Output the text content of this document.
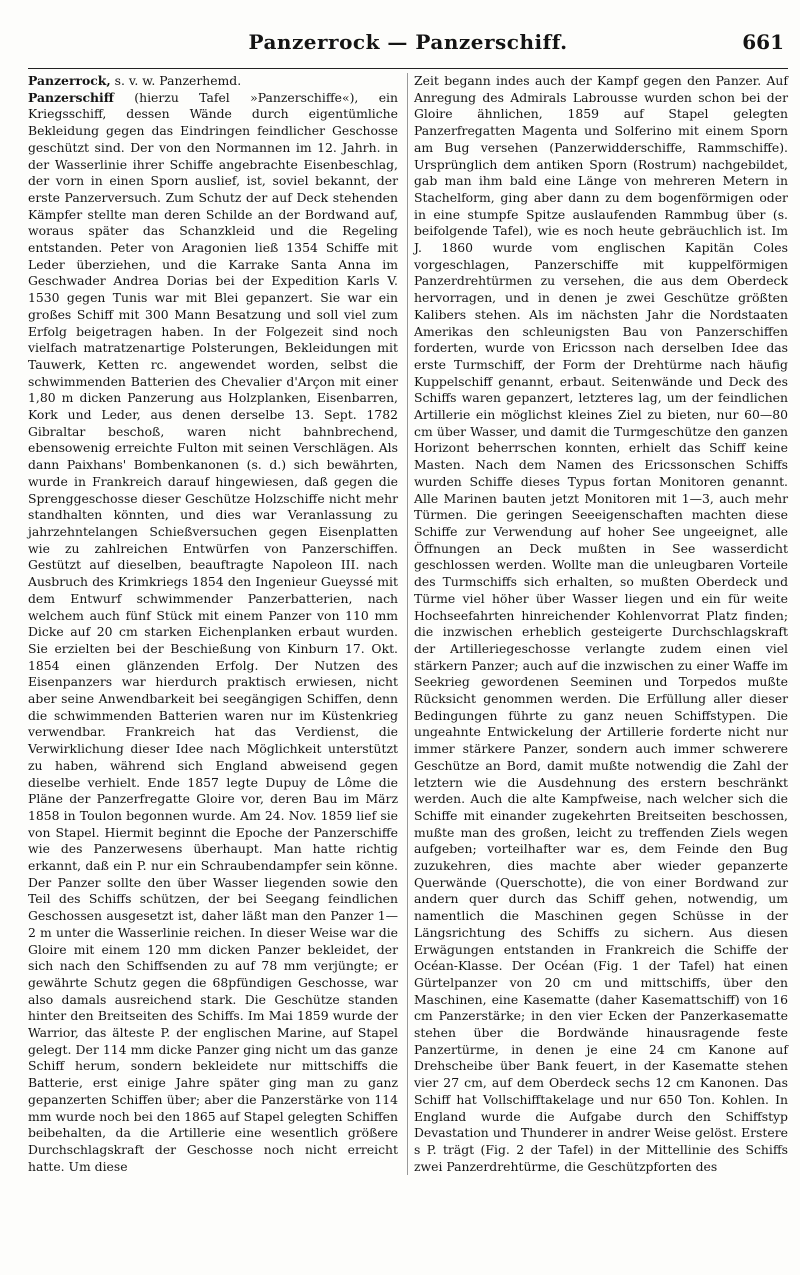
Panzerrock — Panzerschiff.	661

Panzerrock, s. v. w. Panzerhemd.

Panzerschiff (hierzu Tafel »Panzerschiffe«), ein Kriegsschiff, dessen Wände durch eigentümliche Bekleidung gegen das Eindringen feindlicher Geschosse geschützt sind. Der von den Normannen im 12. Jahrh. in der Wasserlinie ihrer Schiffe angebrachte Eisenbeschlag, der vorn in einen Sporn auslief, ist, soviel bekannt, der erste Panzerversuch. Zum Schutz der auf Deck stehenden Kämpfer stellte man deren Schilde an der Bordwand auf, woraus später das Schanzkleid und die Regeling entstanden. Peter von Aragonien ließ 1354 Schiffe mit Leder überziehen, und die Karrake Santa Anna im Geschwader Andrea Dorias bei der Expedition Karls V. 1530 gegen Tunis war mit Blei gepanzert. Sie war ein großes Schiff mit 300 Mann Besatzung und soll viel zum Erfolg beigetragen haben. In der Folgezeit sind noch vielfach matratzenartige Polsterungen, Bekleidungen mit Tauwerk, Ketten rc. angewendet worden, selbst die schwimmenden Batterien des Chevalier d'Arçon mit einer 1,80 m dicken Panzerung aus Holzplanken, Eisenbarren, Kork und Leder, aus denen derselbe 13. Sept. 1782 Gibraltar beschoß, waren nicht bahnbrechend, ebensowenig erreichte Fulton mit seinen Verschlägen. Als dann Paixhans' Bombenkanonen (s. d.) sich bewährten, wurde in Frankreich darauf hingewiesen, daß gegen die Sprenggeschosse dieser Geschütze Holzschiffe nicht mehr standhalten könnten, und dies war Veranlassung zu jahrzehntelangen Schießversuchen gegen Eisenplatten wie zu zahlreichen Entwürfen von Panzerschiffen. Gestützt auf dieselben, beauftragte Napoleon III. nach Ausbruch des Krimkriegs 1854 den Ingenieur Gueyssé mit dem Entwurf schwimmender Panzerbatterien, nach welchem auch fünf Stück mit einem Panzer von 110 mm Dicke auf 20 cm starken Eichenplanken erbaut wurden. Sie erzielten bei der Beschießung von Kinburn 17. Okt. 1854 einen glänzenden Erfolg. Der Nutzen des Eisenpanzers war hierdurch praktisch erwiesen, nicht aber seine Anwendbarkeit bei seegängigen Schiffen, denn die schwimmenden Batterien waren nur im Küstenkrieg verwendbar. Frankreich hat das Verdienst, die Verwirklichung dieser Idee nach Möglichkeit unterstützt zu haben, während sich England abweisend gegen dieselbe verhielt. Ende 1857 legte Dupuy de Lôme die Pläne der Panzerfregatte Gloire vor, deren Bau im März 1858 in Toulon begonnen wurde. Am 24. Nov. 1859 lief sie von Stapel. Hiermit beginnt die Epoche der Panzerschiffe wie des Panzerwesens überhaupt. Man hatte richtig erkannt, daß ein P. nur ein Schraubendampfer sein könne. Der Panzer sollte den über Wasser liegenden sowie den Teil des Schiffs schützen, der bei Seegang feindlichen Geschossen ausgesetzt ist, daher läßt man den Panzer 1—2 m unter die Wasserlinie reichen. In dieser Weise war die Gloire mit einem 120 mm dicken Panzer bekleidet, der sich nach den Schiffsenden zu auf 78 mm verjüngte; er gewährte Schutz gegen die 68pfündigen Geschosse, war also damals ausreichend stark. Die Geschütze standen hinter den Breitseiten des Schiffs. Im Mai 1859 wurde der Warrior, das älteste P. der englischen Marine, auf Stapel gelegt. Der 114 mm dicke Panzer ging nicht um das ganze Schiff herum, sondern bekleidete nur mittschiffs die Batterie, erst einige Jahre später ging man zu ganz gepanzerten Schiffen über; aber die Panzerstärke von 114 mm wurde noch bei den 1865 auf Stapel gelegten Schiffen beibehalten, da die Artillerie eine wesentlich größere Durchschlagskraft der Geschosse noch nicht erreicht hatte. Um diese

Zeit begann indes auch der Kampf gegen den Panzer. Auf Anregung des Admirals Labrousse wurden schon bei der Gloire ähnlichen, 1859 auf Stapel gelegten Panzerfregatten Magenta und Solferino mit einem Sporn am Bug versehen (Panzerwidderschiffe, Rammschiffe). Ursprünglich dem antiken Sporn (Rostrum) nachgebildet, gab man ihm bald eine Länge von mehreren Metern in Stachelform, ging aber dann zu dem bogenförmigen oder in eine stumpfe Spitze auslaufenden Rammbug über (s. beifolgende Tafel), wie es noch heute gebräuchlich ist. Im J. 1860 wurde vom englischen Kapitän Coles vorgeschlagen, Panzerschiffe mit kuppelförmigen Panzerdrehtürmen zu versehen, die aus dem Oberdeck hervorragen, und in denen je zwei Geschütze größten Kalibers stehen. Als im nächsten Jahr die Nordstaaten Amerikas den schleunigsten Bau von Panzerschiffen forderten, wurde von Ericsson nach derselben Idee das erste Turmschiff, der Form der Drehtürme nach häufig Kuppelschiff genannt, erbaut. Seitenwände und Deck des Schiffs waren gepanzert, letzteres lag, um der feindlichen Artillerie ein möglichst kleines Ziel zu bieten, nur 60—80 cm über Wasser, und damit die Turmgeschütze den ganzen Horizont beherrschen konnten, erhielt das Schiff keine Masten. Nach dem Namen des Ericssonschen Schiffs wurden Schiffe dieses Typus fortan Monitoren genannt. Alle Marinen bauten jetzt Monitoren mit 1—3, auch mehr Türmen. Die geringen Seeeigenschaften machten diese Schiffe zur Verwendung auf hoher See ungeeignet, alle Öffnungen an Deck mußten in See wasserdicht geschlossen werden. Wollte man die unleugbaren Vorteile des Turmschiffs sich erhalten, so mußten Oberdeck und Türme viel höher über Wasser liegen und ein für weite Hochseefahrten hinreichender Kohlenvorrat Platz finden; die inzwischen erheblich gesteigerte Durchschlagskraft der Artilleriegeschosse verlangte zudem einen viel stärkern Panzer; auch auf die inzwischen zu einer Waffe im Seekrieg gewordenen Seeminen und Torpedos mußte Rücksicht genommen werden. Die Erfüllung aller dieser Bedingungen führte zu ganz neuen Schiffstypen. Die ungeahnte Entwickelung der Artillerie forderte nicht nur immer stärkere Panzer, sondern auch immer schwerere Geschütze an Bord, damit mußte notwendig die Zahl der letztern wie die Ausdehnung des erstern beschränkt werden. Auch die alte Kampfweise, nach welcher sich die Schiffe mit einander zugekehrten Breitseiten beschossen, mußte man des großen, leicht zu treffenden Ziels wegen aufgeben; vorteilhafter war es, dem Feinde den Bug zuzukehren, dies machte aber wieder gepanzerte Querwände (Querschotte), die von einer Bordwand zur andern quer durch das Schiff gehen, notwendig, um namentlich die Maschinen gegen Schüsse in der Längsrichtung des Schiffs zu sichern. Aus diesen Erwägungen entstanden in Frankreich die Schiffe der Océan-Klasse. Der Océan (Fig. 1 der Tafel) hat einen Gürtelpanzer von 20 cm und mittschiffs, über den Maschinen, eine Kasematte (daher Kasemattschiff) von 16 cm Panzerstärke; in den vier Ecken der Panzerkasematte stehen über die Bordwände hinausragende feste Panzertürme, in denen je eine 24 cm Kanone auf Drehscheibe über Bank feuert, in der Kasematte stehen vier 27 cm, auf dem Oberdeck sechs 12 cm Kanonen. Das Schiff hat Vollschifftakelage und nur 650 Ton. Kohlen. In England wurde die Aufgabe durch den Schiffstyp Devastation und Thunderer in andrer Weise gelöst. Erstere s P. trägt (Fig. 2 der Tafel) in der Mittellinie des Schiffs zwei Panzerdrehtürme, die Geschützpforten des
